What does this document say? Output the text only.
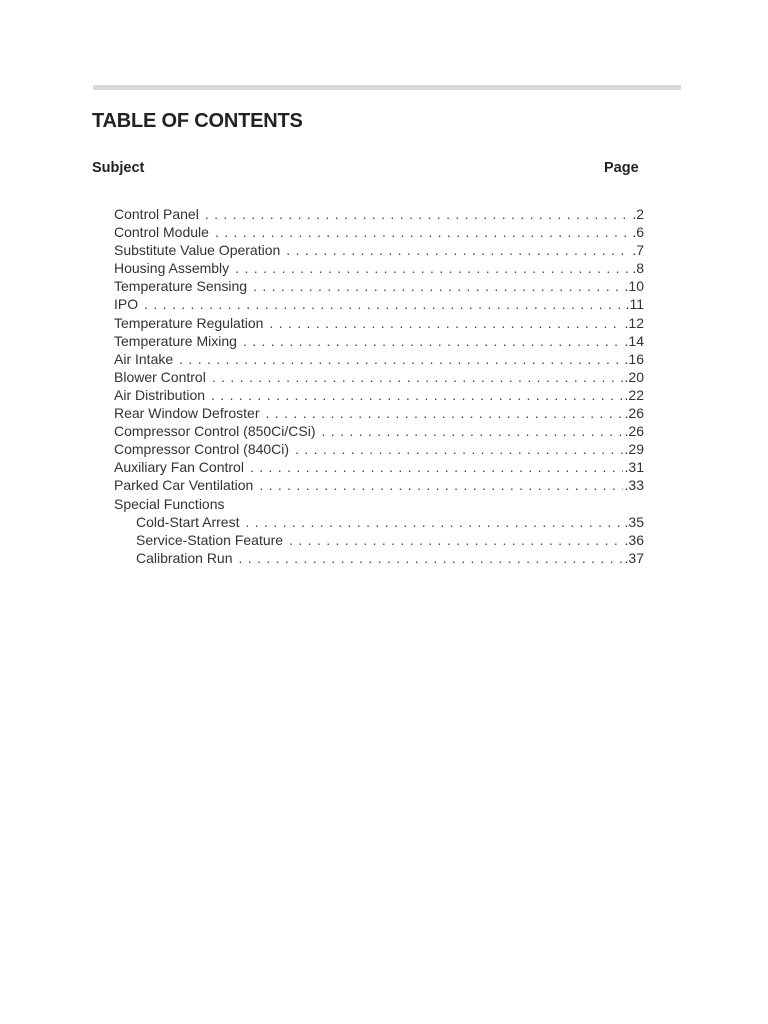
TABLE OF CONTENTS
Subject	Page
Control Panel . . .	.2
Control Module . . .	.6
Substitute Value Operation . . .	.7
Housing Assembly . . .	.8
Temperature Sensing . . .	.10
IPO . . .	.11
Temperature Regulation . . .	.12
Temperature Mixing . . .	.14
Air Intake . . .	.16
Blower Control . . .	.20
Air Distribution . . .	.22
Rear Window Defroster . . .	.26
Compressor Control (850Ci/CSi) . . .	.26
Compressor Control (840Ci) . . .	.29
Auxiliary Fan Control . . .	.31
Parked Car Ventilation . . .	.33
Special Functions
Cold-Start Arrest . . .	.35
Service-Station Feature . . .	.36
Calibration Run . . .	.37
